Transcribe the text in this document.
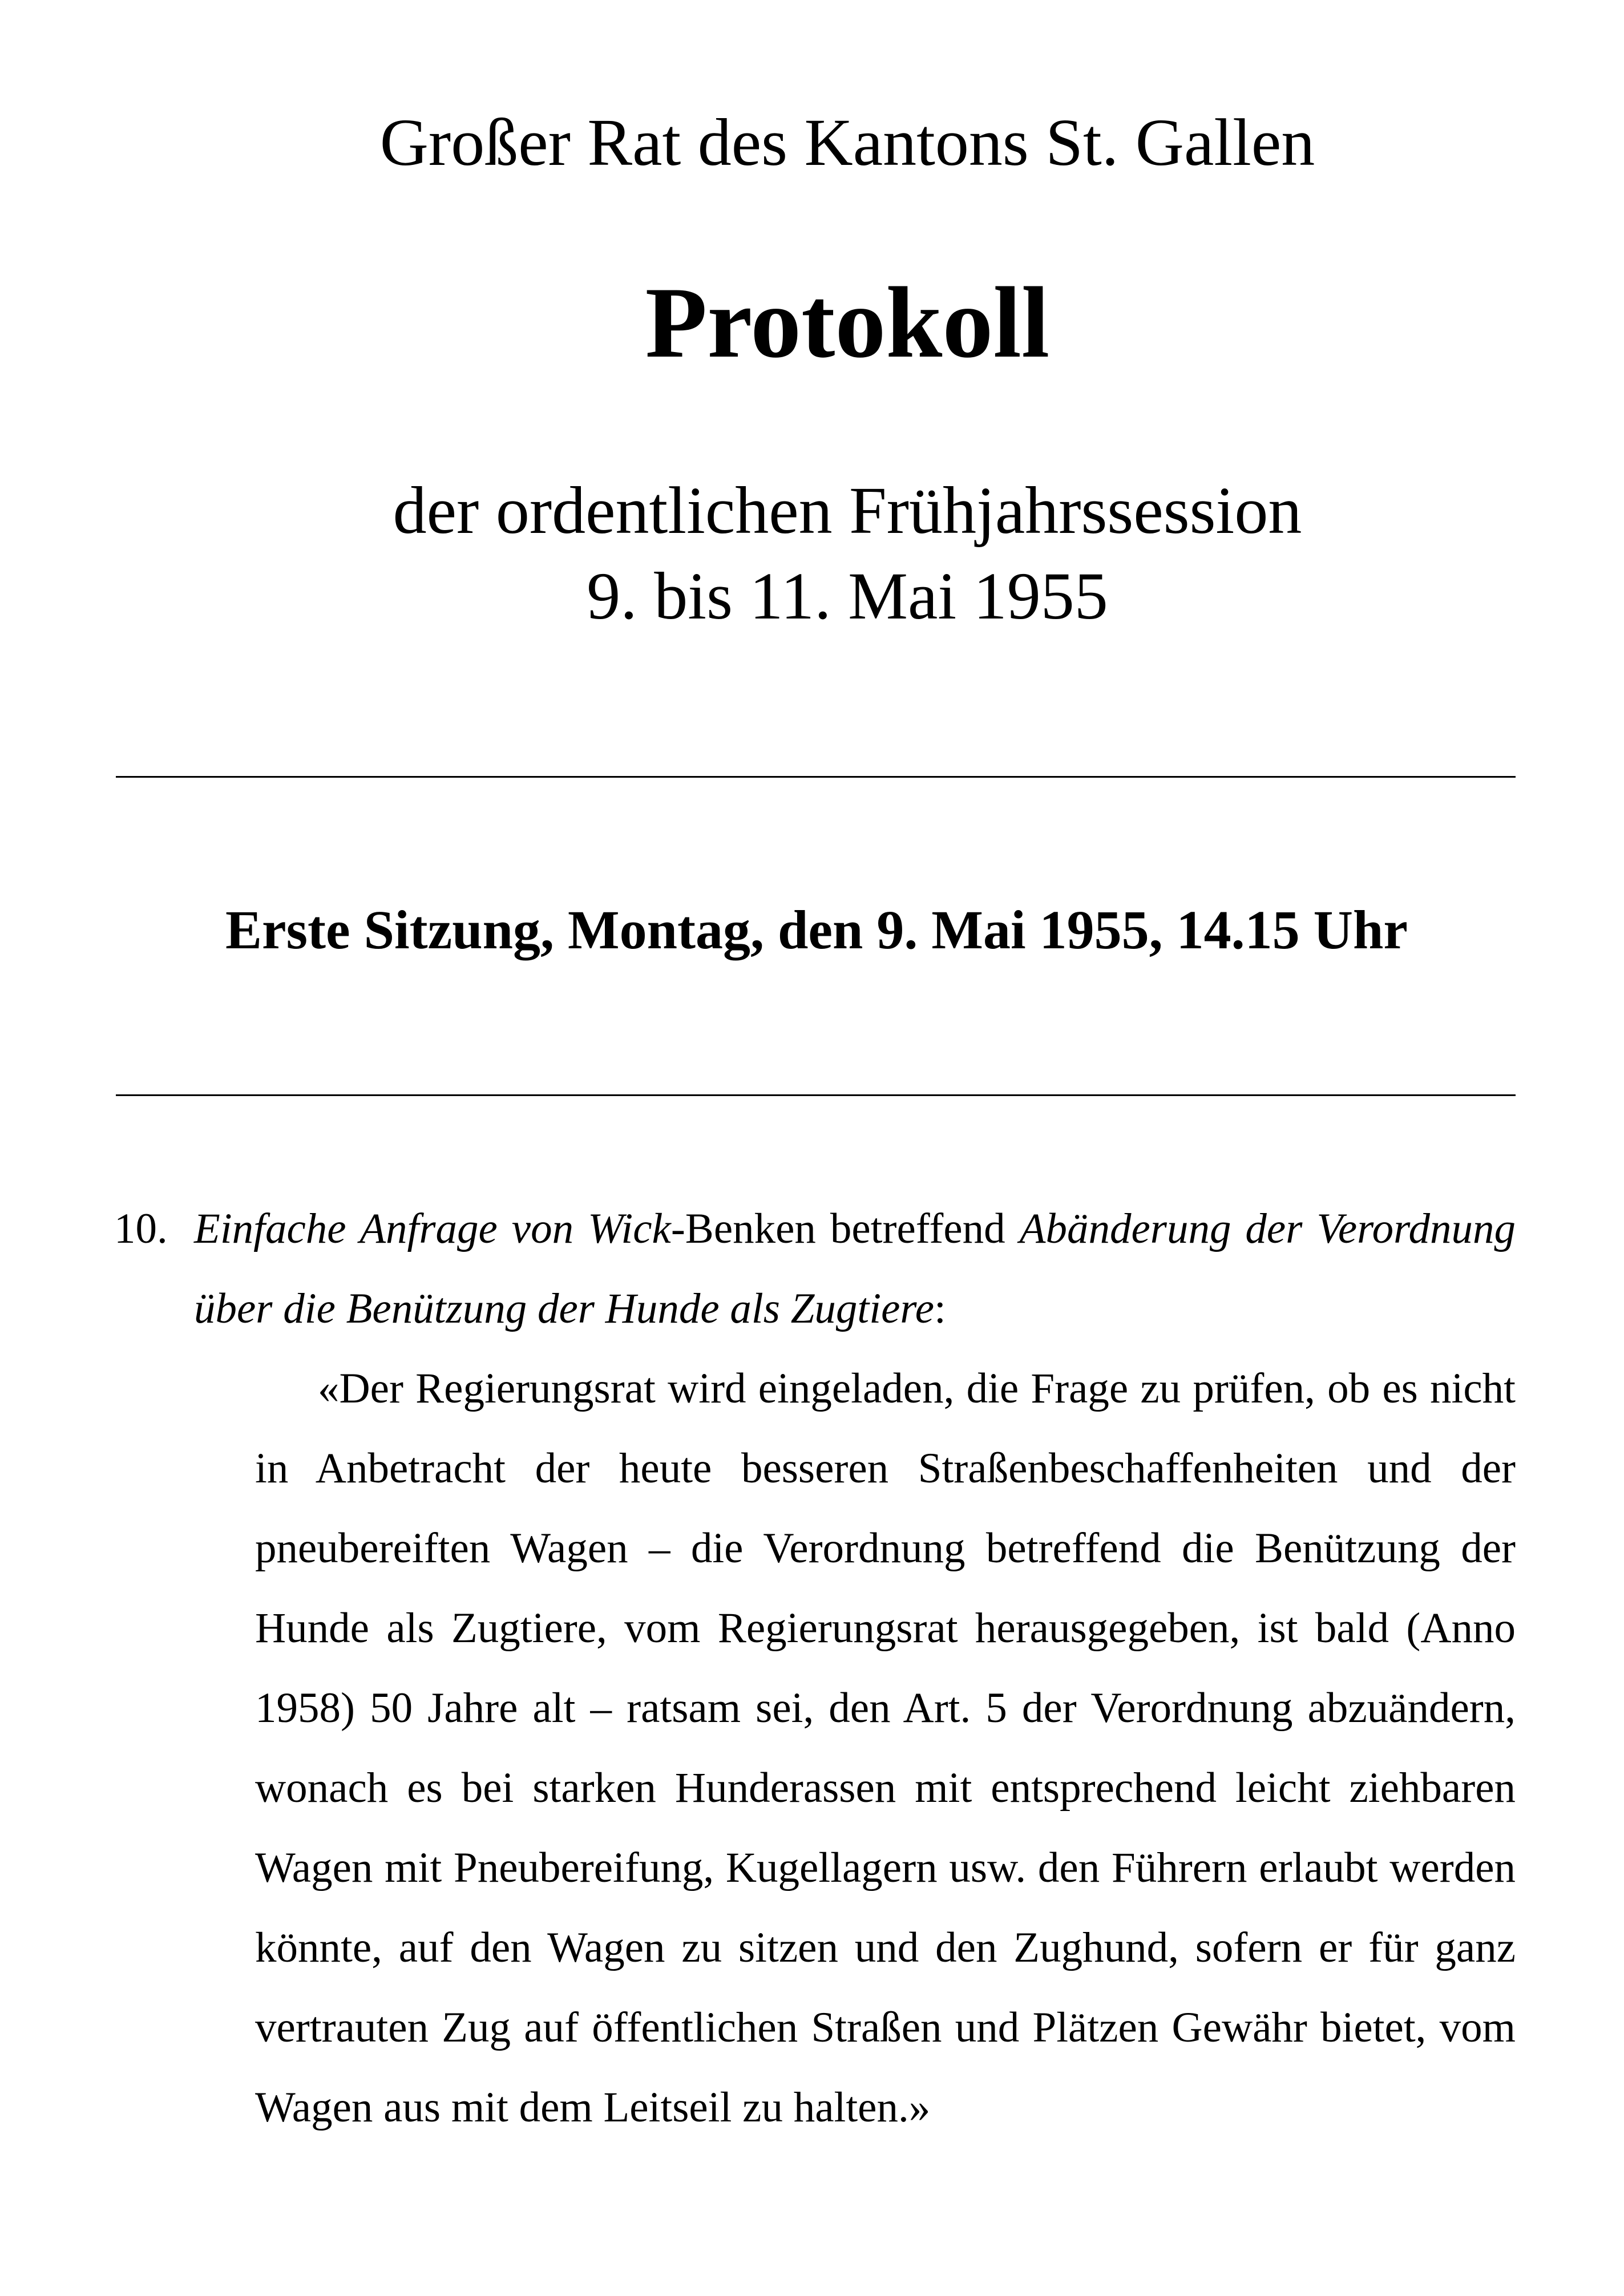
Großer Rat des Kantons St. Gallen
Protokoll
der ordentlichen Frühjahrssession
9. bis 11. Mai 1955
Erste Sitzung, Montag, den 9. Mai 1955, 14.15 Uhr
10. Einfache Anfrage von Wick-Benken betreffend Abänderung der Verordnung über die Benützung der Hunde als Zugtiere:

«Der Regierungsrat wird eingeladen, die Frage zu prüfen, ob es nicht in Anbetracht der heute besseren Straßenbeschaffenheiten und der pneubereiften Wagen – die Verordnung betreffend die Benützung der Hunde als Zugtiere, vom Regierungsrat herausgegeben, ist bald (Anno 1958) 50 Jahre alt – ratsam sei, den Art. 5 der Verordnung abzuändern, wonach es bei starken Hunderassen mit entsprechend leicht ziehbaren Wagen mit Pneubereifung, Kugellagern usw. den Führern erlaubt werden könnte, auf den Wagen zu sitzen und den Zughund, sofern er für ganz vertrauten Zug auf öffentlichen Straßen und Plätzen Gewähr bietet, vom Wagen aus mit dem Leitseil zu halten.»
